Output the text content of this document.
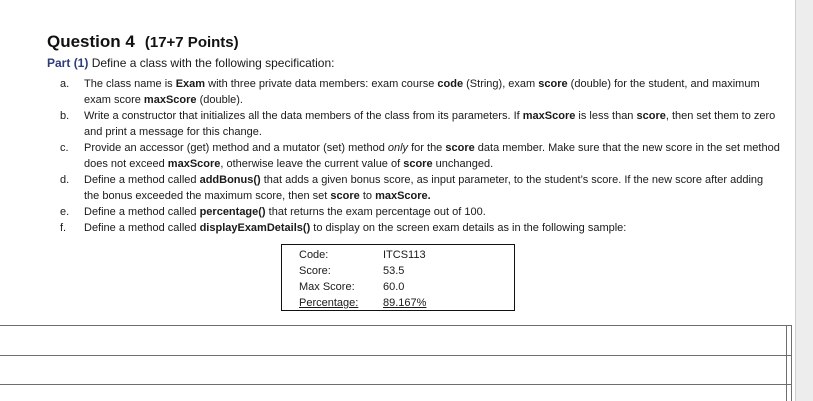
Question 4 (17+7 Points)
Part (1) Define a class with the following specification:
a.	The class name is Exam with three private data members: exam course code (String), exam score (double) for the student, and maximum exam score maxScore (double).
b.	Write a constructor that initializes all the data members of the class from its parameters. If maxScore is less than score, then set them to zero and print a message for this change.
c.	Provide an accessor (get) method and a mutator (set) method only for the score data member. Make sure that the new score in the set method does not exceed maxScore, otherwise leave the current value of score unchanged.
d.	Define a method called addBonus() that adds a given bonus score, as input parameter, to the student’s score. If the new score after adding the bonus exceeded the maximum score, then set score to maxScore.
e.	Define a method called percentage() that returns the exam percentage out of 100.
f.	Define a method called displayExamDetails() to display on the screen exam details as in the following sample:
Code:	ITCS113
Score:	53.5
Max Score:	60.0
Percentage: 89.167%
